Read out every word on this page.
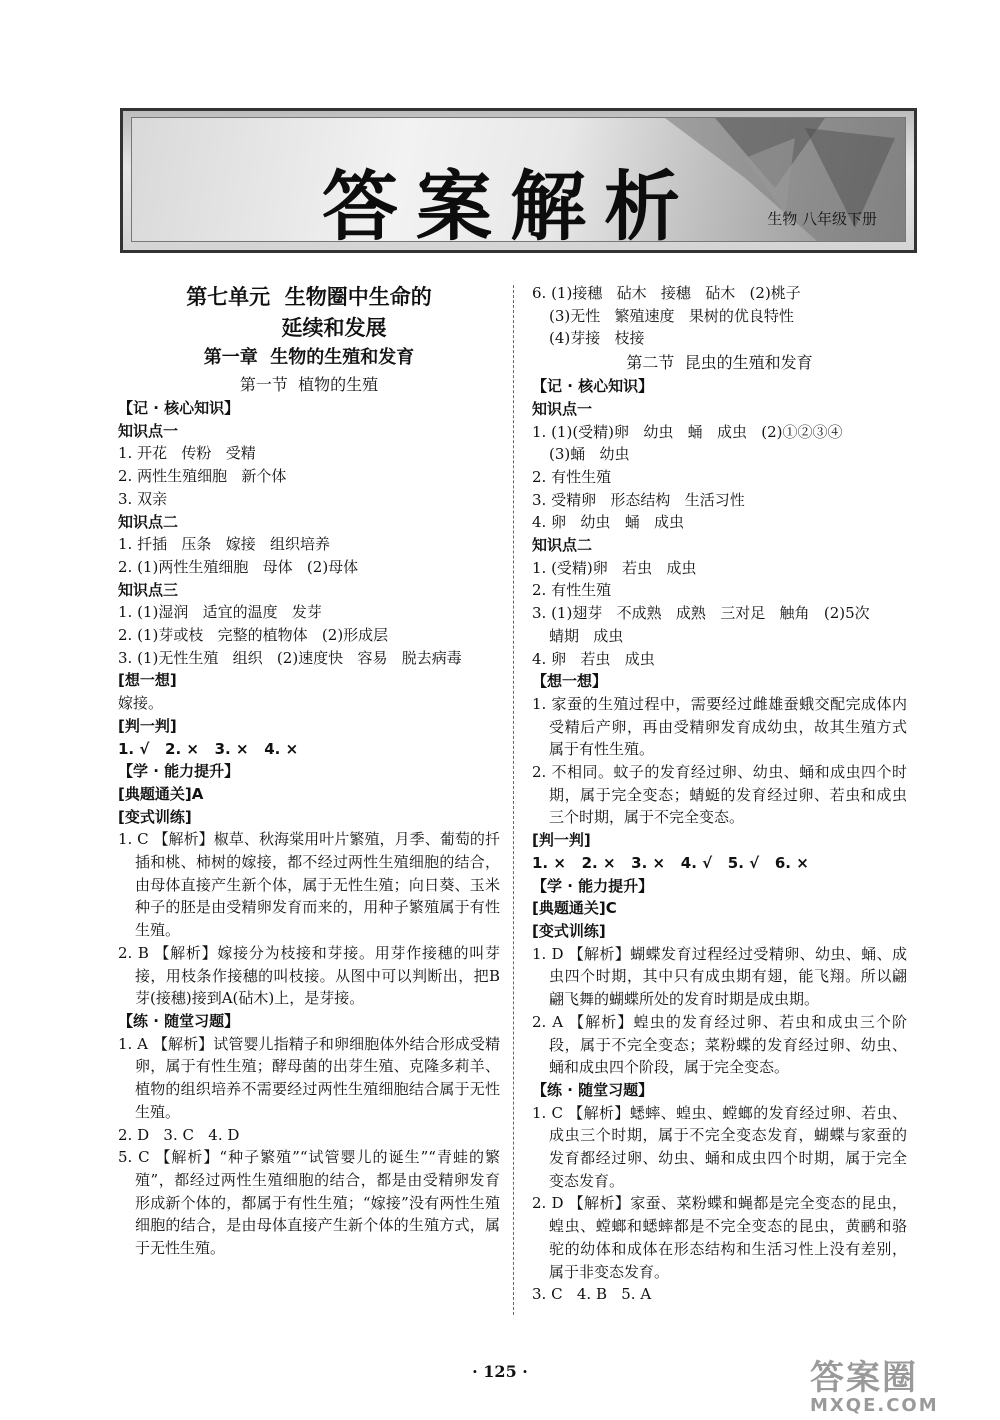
答案解析	生物 八年级下册
第七单元  生物圈中生命的
延续和发展
第一章  生物的生殖和发育
第一节  植物的生殖
【记 · 核心知识】
知识点一
1. 开花   传粉   受精
2. 两性生殖细胞   新个体
3. 双亲
知识点二
1. 扦插   压条   嫁接   组织培养
2. (1)两性生殖细胞   母体   (2)母体
知识点三
1. (1)湿润   适宜的温度   发芽
2. (1)芽或枝   完整的植物体   (2)形成层
3. (1)无性生殖   组织   (2)速度快   容易   脱去病毒
[想一想]
嫁接。
[判一判]
1. √   2. ×   3. ×   4. ×
【学 · 能力提升】
[典题通关]A
[变式训练]
1. C 【解析】椒草、秋海棠用叶片繁殖，月季、葡萄的扦插和桃、柿树的嫁接，都不经过两性生殖细胞的结合，由母体直接产生新个体，属于无性生殖；向日葵、玉米种子的胚是由受精卵发育而来的，用种子繁殖属于有性生殖。
2. B 【解析】嫁接分为枝接和芽接。用芽作接穗的叫芽接，用枝条作接穗的叫枝接。从图中可以判断出，把B芽(接穗)接到A(砧木)上，是芽接。
【练 · 随堂习题】
1. A 【解析】试管婴儿指精子和卵细胞体外结合形成受精卵，属于有性生殖；酵母菌的出芽生殖、克隆多莉羊、植物的组织培养不需要经过两性生殖细胞结合属于无性生殖。
2. D   3. C   4. D
5. C 【解析】“种子繁殖”“试管婴儿的诞生”“青蛙的繁殖”，都经过两性生殖细胞的结合，都是由受精卵发育形成新个体的，都属于有性生殖；“嫁接”没有两性生殖细胞的结合，是由母体直接产生新个体的生殖方式，属于无性生殖。
6. (1)接穗   砧木   接穗   砧木   (2)桃子
(3)无性   繁殖速度   果树的优良特性
(4)芽接   枝接
第二节  昆虫的生殖和发育
【记 · 核心知识】
知识点一
1. (1)(受精)卵   幼虫   蛹   成虫   (2)①②③④
(3)蛹   幼虫
2. 有性生殖
3. 受精卵   形态结构   生活习性
4. 卵   幼虫   蛹   成虫
知识点二
1. (受精)卵   若虫   成虫
2. 有性生殖
3. (1)翅芽   不成熟   成熟   三对足   触角   (2)5次
蜻期   成虫
4. 卵   若虫   成虫
【想一想】
1. 家蚕的生殖过程中，需要经过雌雄蚕蛾交配完成体内受精后产卵，再由受精卵发育成幼虫，故其生殖方式属于有性生殖。
2. 不相同。蚊子的发育经过卵、幼虫、蛹和成虫四个时期，属于完全变态；蜻蜓的发育经过卵、若虫和成虫三个时期，属于不完全变态。
[判一判]
1. ×   2. ×   3. ×   4. √   5. √   6. ×
【学 · 能力提升】
[典题通关]C
[变式训练]
1. D 【解析】蝴蝶发育过程经过受精卵、幼虫、蛹、成虫四个时期，其中只有成虫期有翅，能飞翔。所以翩翩飞舞的蝴蝶所处的发育时期是成虫期。
2. A 【解析】蝗虫的发育经过卵、若虫和成虫三个阶段，属于不完全变态；菜粉蝶的发育经过卵、幼虫、蛹和成虫四个阶段，属于完全变态。
【练 · 随堂习题】
1. C 【解析】蟋蟀、蝗虫、螳螂的发育经过卵、若虫、成虫三个时期，属于不完全变态发育，蝴蝶与家蚕的发育都经过卵、幼虫、蛹和成虫四个时期，属于完全变态发育。
2. D 【解析】家蚕、菜粉蝶和蝇都是完全变态的昆虫，蝗虫、螳螂和蟋蟀都是不完全变态的昆虫，黄鹂和骆驼的幼体和成体在形态结构和生活习性上没有差别，属于非变态发育。
3. C   4. B   5. A
· 125 ·	答案圈
MXQE.COM
